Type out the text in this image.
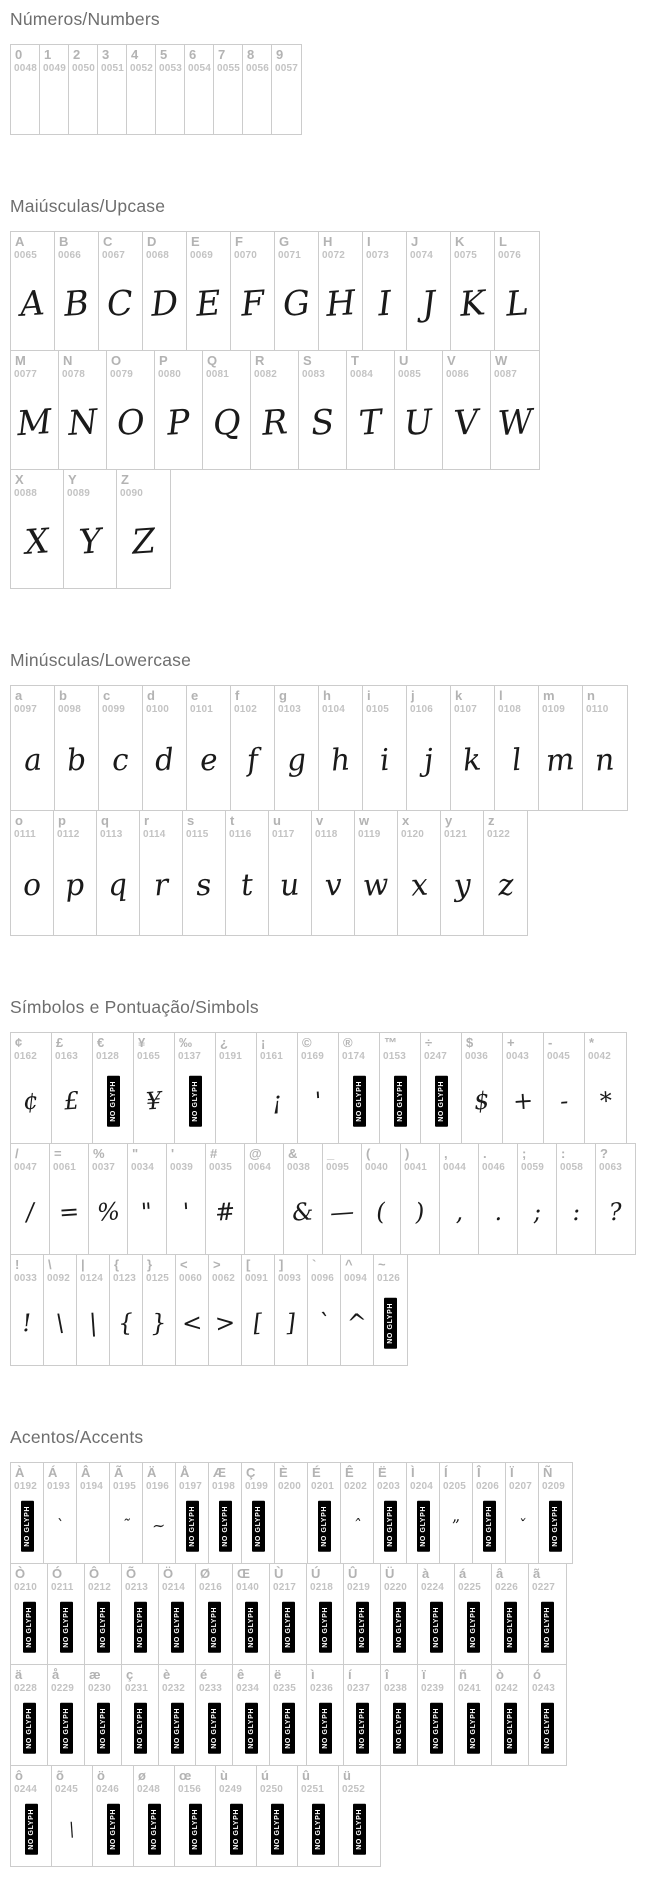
Números/Numbers
0
0048
1
0049
2
0050
3
0051
4
0052
5
0053
6
0054
7
0055
8
0056
9
0057
Maiúsculas/Upcase
A
0065
A
B
0066
B
C
0067
C
D
0068
D
E
0069
E
F
0070
F
G
0071
G
H
0072
H
I
0073
I
J
0074
J
K
0075
K
L
0076
L
M
0077
M
N
0078
N
O
0079
O
P
0080
P
Q
0081
Q
R
0082
R
S
0083
S
T
0084
T
U
0085
U
V
0086
V
W
0087
W
X
0088
X
Y
0089
Y
Z
0090
Z
Minúsculas/Lowercase
a
0097
a
b
0098
b
c
0099
c
d
0100
d
e
0101
e
f
0102
f
g
0103
g
h
0104
h
i
0105
i
j
0106
j
k
0107
k
l
0108
l
m
0109
m
n
0110
n
o
0111
o
p
0112
p
q
0113
q
r
0114
r
s
0115
s
t
0116
t
u
0117
u
v
0118
v
w
0119
w
x
0120
x
y
0121
y
z
0122
z
Símbolos e Pontuação/Simbols
¢
0162
¢
£
0163
£
€
0128
NO GLYPH
¥
0165
¥
‰
0137
NO GLYPH
¿
0191
¡
0161
¡
©
0169
'
®
0174
NO GLYPH
™
0153
NO GLYPH
÷
0247
NO GLYPH
$
0036
$
+
0043
+
-
0045
-
*
0042
*
/
0047
/
=
0061
=
%
0037
%
"
0034
"
'
0039
'
#
0035
#
@
0064
&
0038
&
_
0095
—
(
0040
(
)
0041
)
,
0044
,
.
0046
.
;
0059
;
:
0058
:
?
0063
?
!
0033
!
\
0092
\
|
0124
|
{
0123
{
}
0125
}
<
0060
<
>
0062
>
[
0091
[
]
0093
]
`
0096
`
^
0094
^
~
0126
NO GLYPH
Acentos/Accents
À
0192
NO GLYPH
Á
0193
`
Â
0194
Ã
0195
˜
Ä
0196
~
Å
0197
NO GLYPH
Æ
0198
NO GLYPH
Ç
0199
NO GLYPH
È
0200
É
0201
NO GLYPH
Ê
0202
ˆ
Ë
0203
NO GLYPH
Ì
0204
NO GLYPH
Í
0205
”
Î
0206
NO GLYPH
Ï
0207
ˇ
Ñ
0209
NO GLYPH
Ò
0210
NO GLYPH
Ó
0211
NO GLYPH
Ô
0212
NO GLYPH
Õ
0213
NO GLYPH
Ö
0214
NO GLYPH
Ø
0216
NO GLYPH
Œ
0140
NO GLYPH
Ù
0217
NO GLYPH
Ú
0218
NO GLYPH
Û
0219
NO GLYPH
Ü
0220
NO GLYPH
à
0224
NO GLYPH
á
0225
NO GLYPH
â
0226
NO GLYPH
ã
0227
NO GLYPH
ä
0228
NO GLYPH
å
0229
NO GLYPH
æ
0230
NO GLYPH
ç
0231
NO GLYPH
è
0232
NO GLYPH
é
0233
NO GLYPH
ê
0234
NO GLYPH
ë
0235
NO GLYPH
ì
0236
NO GLYPH
í
0237
NO GLYPH
î
0238
NO GLYPH
ï
0239
NO GLYPH
ñ
0241
NO GLYPH
ò
0242
NO GLYPH
ó
0243
NO GLYPH
ô
0244
NO GLYPH
õ
0245
|
ö
0246
NO GLYPH
ø
0248
NO GLYPH
œ
0156
NO GLYPH
ù
0249
NO GLYPH
ú
0250
NO GLYPH
û
0251
NO GLYPH
ü
0252
NO GLYPH
